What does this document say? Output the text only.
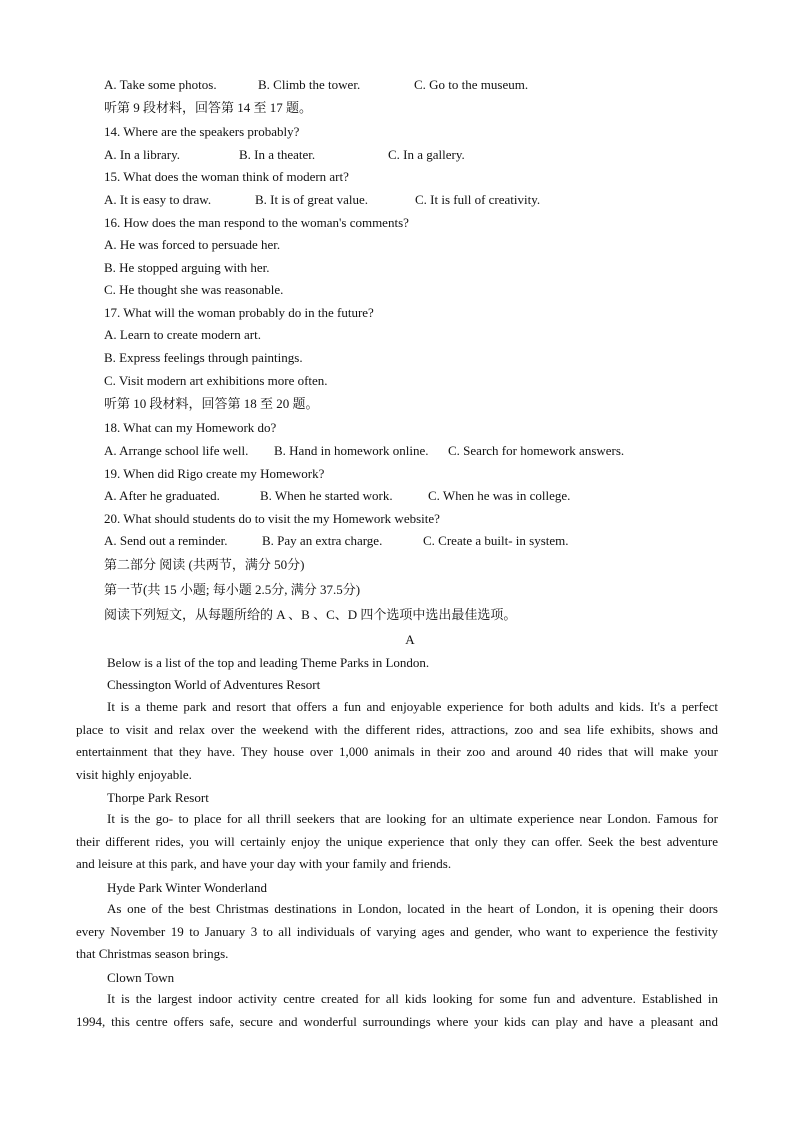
A. Take some photos.	B. Climb the tower.	C. Go to the museum.
听第 9 段材料，回答第 14 至 17 题。
14. Where are the speakers probably?
A. In a library.	B. In a theater.	C. In a gallery.
15. What does the woman think of modern art?
A. It is easy to draw.	B. It is of great value.	C. It is full of creativity.
16. How does the man respond to the woman's comments?
A. He was forced to persuade her.
B. He stopped arguing with her.
C. He thought she was reasonable.
17. What will the woman probably do in the future?
A. Learn to create modern art.
B. Express feelings through paintings.
C. Visit modern art exhibitions more often.
听第 10 段材料，回答第 18 至 20 题。
18. What can my Homework do?
A. Arrange school life well. B. Hand in homework online. C. Search for homework answers.
19. When did Rigo create my Homework?
A. After he graduated.	B. When he started work.	C. When he was in college.
20. What should students do to visit the my Homework website?
A. Send out a reminder.	B. Pay an extra charge.	C. Create a built- in system.
第二部分 阅读 (共两节，满分 50分)
第一节(共 15 小题; 每小题 2.5分, 满分 37.5分)
阅读下列短文，从每题所给的 A 、B 、C、D 四个选项中选出最佳选项。
A
Below is a list of the top and leading Theme Parks in London.
Chessington World of Adventures Resort
It is a theme park and resort that offers a fun and enjoyable experience for both adults and kids. It's a perfect
place to visit and relax over the weekend with the different rides, attractions, zoo and sea life exhibits, shows and
entertainment that they have. They house over 1,000 animals in their zoo and around 40 rides that will make your
visit highly enjoyable.
Thorpe Park Resort
It is the go- to place for all thrill seekers that are looking for an ultimate experience near London. Famous for
their different rides, you will certainly enjoy the unique experience that only they can offer. Seek the best adventure
and leisure at this park, and have your day with your family and friends.
Hyde Park Winter Wonderland
As one of the best Christmas destinations in London, located in the heart of London, it is opening their doors
every November 19 to January 3 to all individuals of varying ages and gender, who want to experience the festivity
that Christmas season brings.
Clown Town
It is the largest indoor activity centre created for all kids looking for some fun and adventure. Established in
1994, this centre offers safe, secure and wonderful surroundings where your kids can play and have a pleasant and
